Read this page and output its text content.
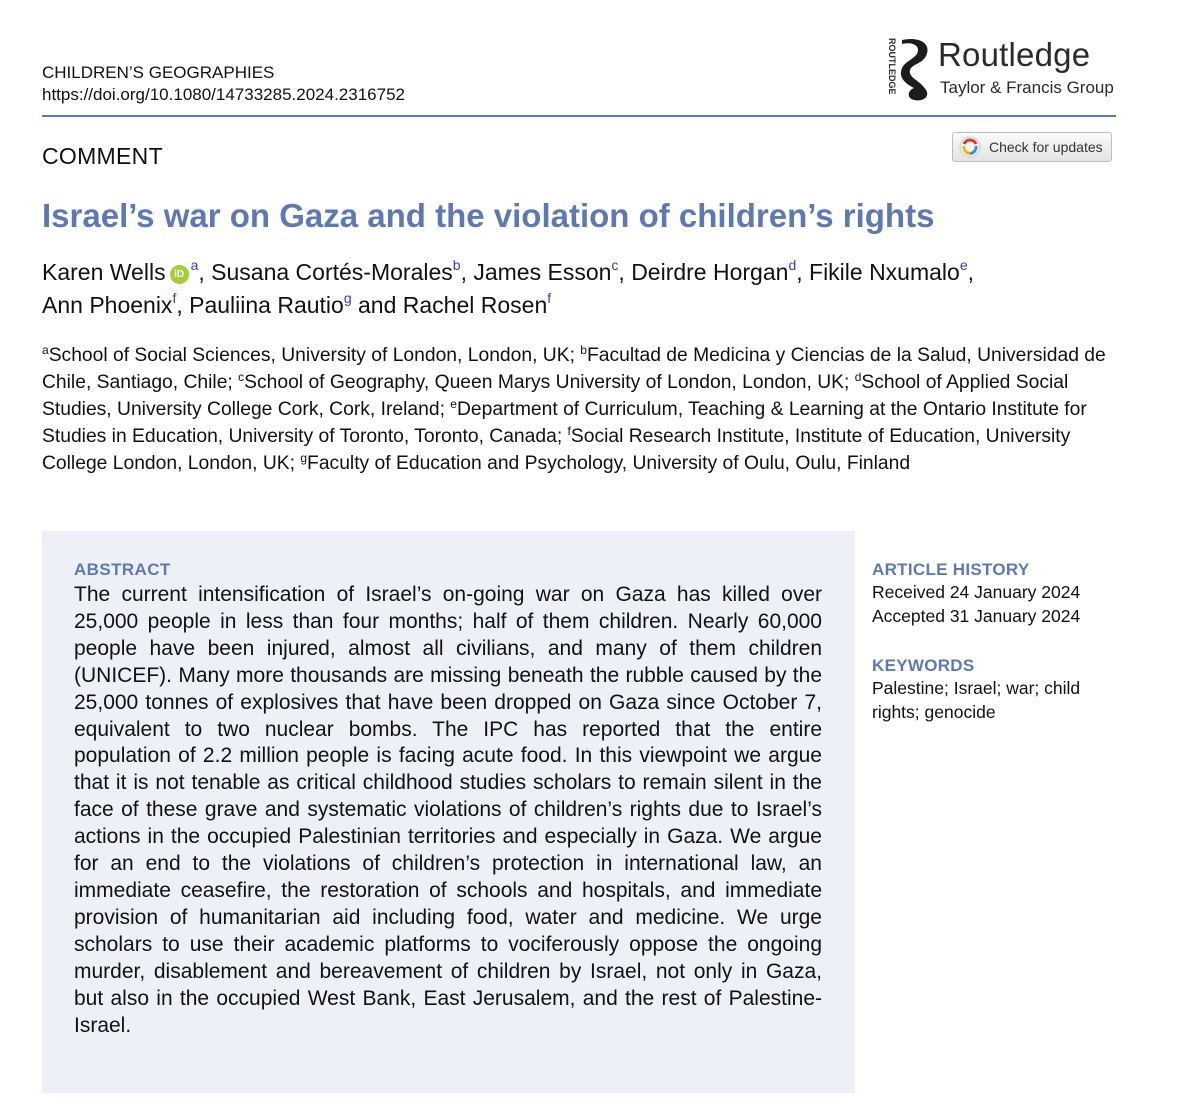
CHILDREN’S GEOGRAPHIES
https://doi.org/10.1080/14733285.2024.2316752	ROUTLEDGE Routledge
Taylor & Francis Group
COMMENT	Check for updates
Israel’s war on Gaza and the violation of children’s rights
Karen Wells $iD^a$, Susana Cortés-Morales$^b$, James Esson$^c$, Deirdre Horgan$^d$, Fikile Nxumalo$^e$,
Ann Phoenix$^f$, Pauliina Rautio$^g$ and Rachel Rosen$^f$
$^a$School of Social Sciences, University of London, London, UK; $^b$Facultad de Medicina y Ciencias de la Salud, Universidad de Chile, Santiago, Chile; $^c$School of Geography, Queen Marys University of London, London, UK; $^d$School of Applied Social Studies, University College Cork, Cork, Ireland; $^e$Department of Curriculum, Teaching & Learning at the Ontario Institute for Studies in Education, University of Toronto, Toronto, Canada; $^f$Social Research Institute, Institute of Education, University College London, London, UK; $^g$Faculty of Education and Psychology, University of Oulu, Oulu, Finland
ABSTRACT
The current intensification of Israel’s on-going war on Gaza has killed over 25,000 people in less than four months; half of them children. Nearly 60,000 people have been injured, almost all civilians, and many of them children (UNICEF). Many more thousands are missing beneath the rubble caused by the 25,000 tonnes of explosives that have been dropped on Gaza since October 7, equivalent to two nuclear bombs. The IPC has reported that the entire population of 2.2 million people is facing acute food. In this viewpoint we argue that it is not tenable as critical childhood studies scholars to remain silent in the face of these grave and systematic violations of children’s rights due to Israel’s actions in the occupied Palestinian territories and especially in Gaza. We argue for an end to the violations of children’s protection in international law, an immediate ceasefire, the restoration of schools and hospitals, and immediate provision of humanitarian aid including food, water and medicine. We urge scholars to use their academic platforms to vociferously oppose the ongoing murder, disablement and bereavement of children by Israel, not only in Gaza, but also in the occupied West Bank, East Jerusalem, and the rest of Palestine-Israel.
ARTICLE HISTORY
Received 24 January 2024
Accepted 31 January 2024
KEYWORDS
Palestine; Israel; war; child
rights; genocide
